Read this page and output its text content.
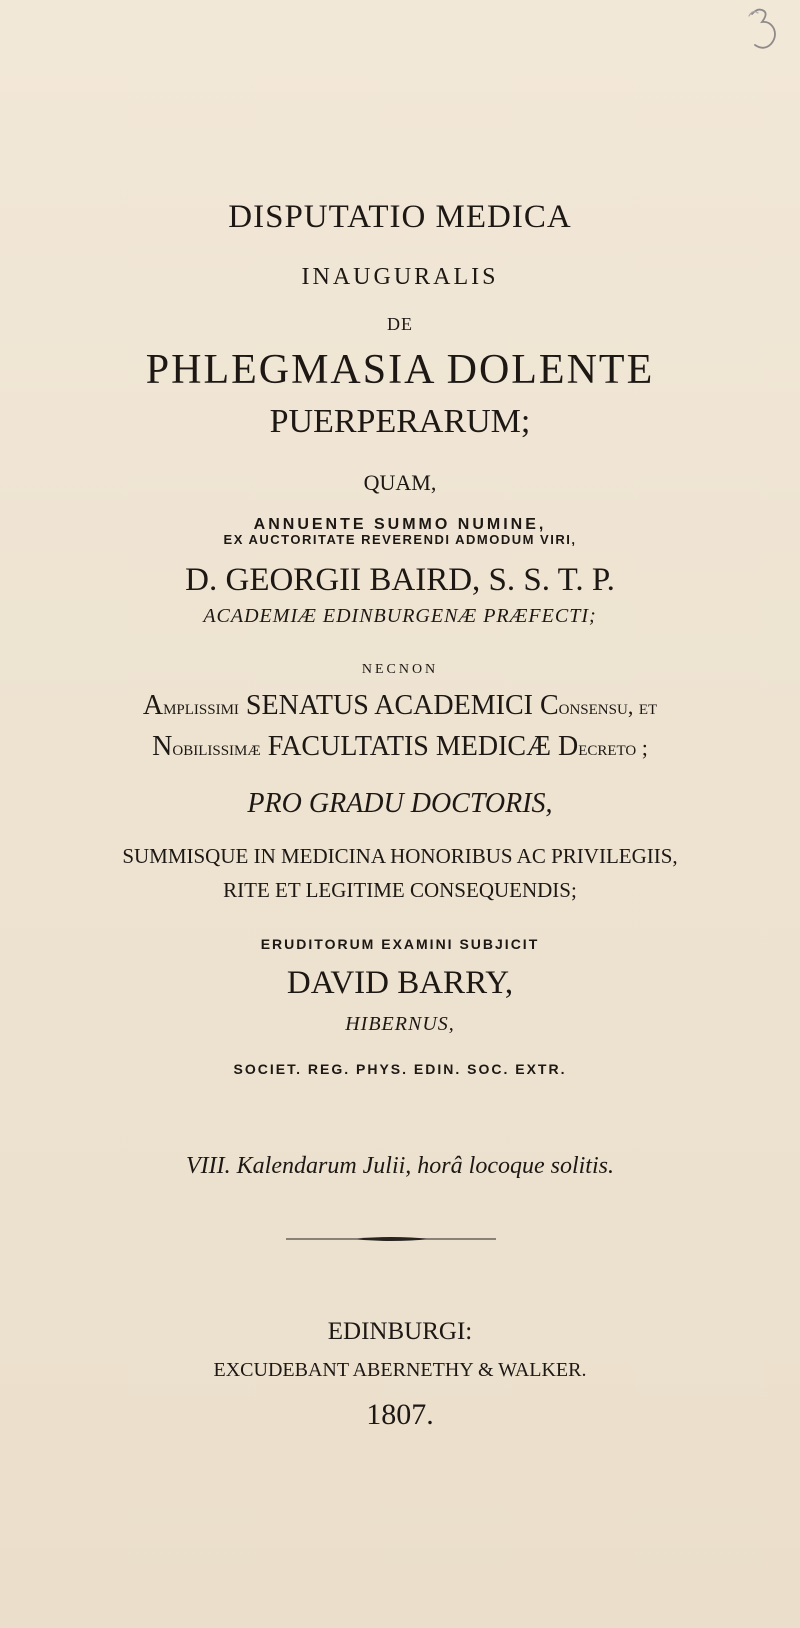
DISPUTATIO MEDICA
INAUGURALIS
DE
PHLEGMASIA DOLENTE
PUERPERARUM;
QUAM,
ANNUENTE SUMMO NUMINE,
EX AUCTORITATE REVERENDI ADMODUM VIRI,
D. GEORGII BAIRD, S. S. T. P.
ACADEMIÆ EDINBURGENÆ PRÆFECTI;
NECNON
Amplissimi SENATUS ACADEMICI Consensu, et
Nobilissimæ FACULTATIS MEDICÆ Decreto ;
PRO GRADU DOCTORIS,
SUMMISQUE IN MEDICINA HONORIBUS AC PRIVILEGIIS,
RITE ET LEGITIME CONSEQUENDIS;
ERUDITORUM EXAMINI SUBJICIT
DAVID BARRY,
HIBERNUS,
SOCIET. REG. PHYS. EDIN. SOC. EXTR.
VIII. Kalendarum Julii, horâ locoque solitis.
EDINBURGI:
EXCUDEBANT ABERNETHY & WALKER.
1807.
